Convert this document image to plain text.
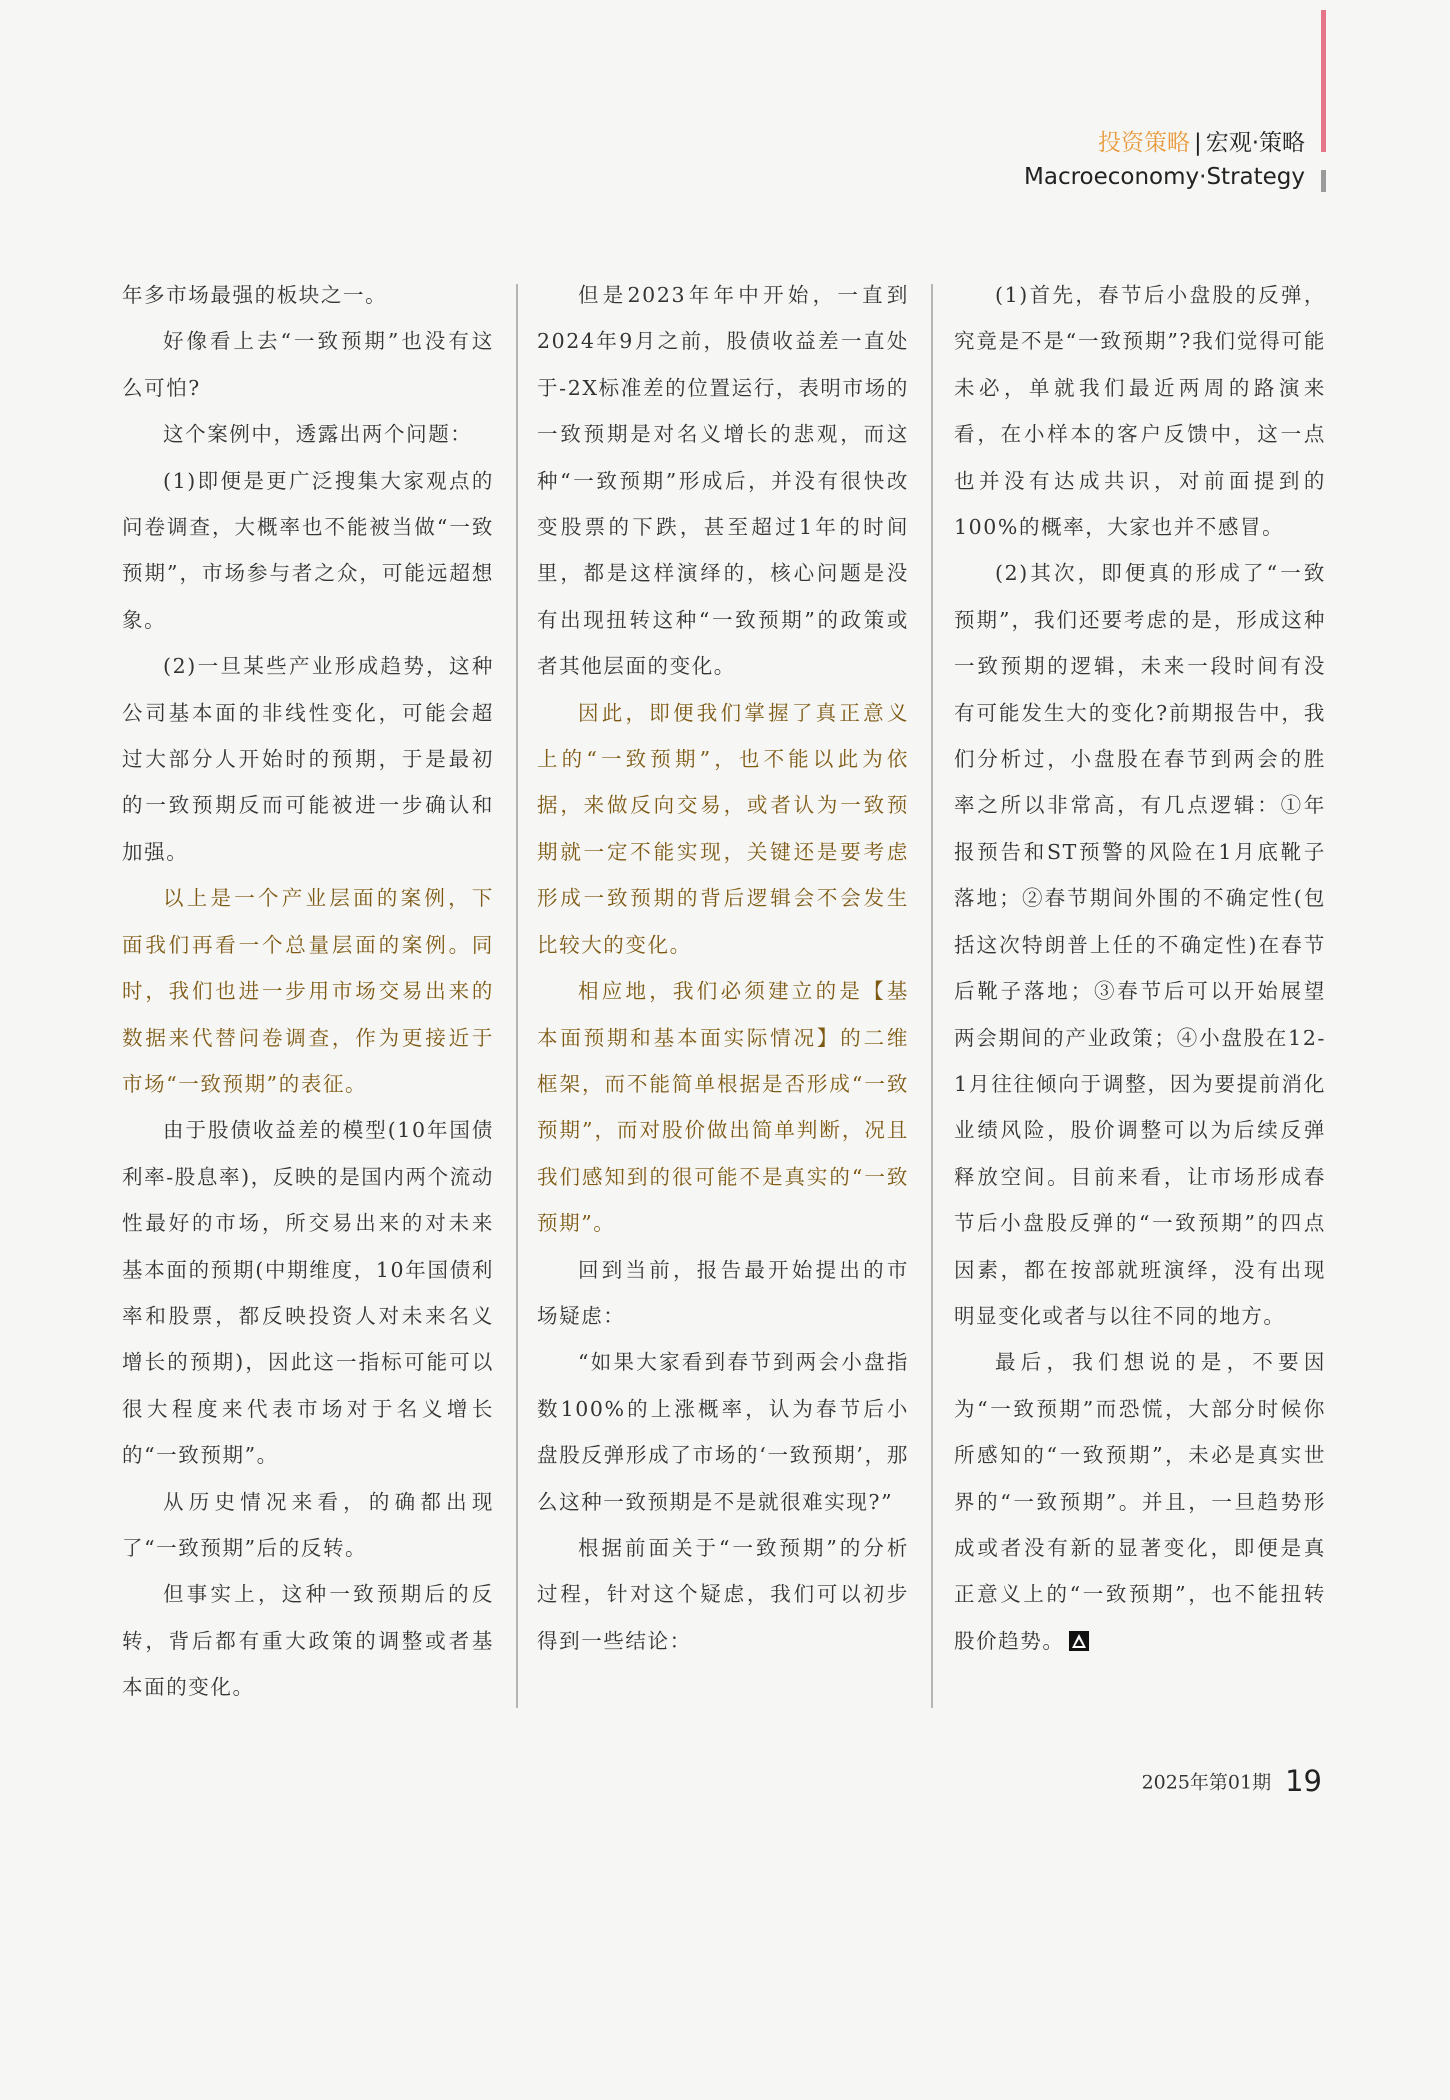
投资策略 | 宏观·策略
Macroeconomy·Strategy

年多市场最强的板块之一。

好像看上去“一致预期”也没有这么可怕?

这个案例中，透露出两个问题：

(1)即便是更广泛搜集大家观点的问卷调查，大概率也不能被当做“一致预期”，市场参与者之众，可能远超想象。

(2)一旦某些产业形成趋势，这种公司基本面的非线性变化，可能会超过大部分人开始时的预期，于是最初的一致预期反而可能被进一步确认和加强。

以上是一个产业层面的案例，下面我们再看一个总量层面的案例。同时，我们也进一步用市场交易出来的数据来代替问卷调查，作为更接近于市场“一致预期”的表征。

由于股债收益差的模型(10年国债利率-股息率)，反映的是国内两个流动性最好的市场，所交易出来的对未来基本面的预期(中期维度，10年国债利率和股票，都反映投资人对未来名义增长的预期)，因此这一指标可能可以很大程度来代表市场对于名义增长的“一致预期”。

从历史情况来看，的确都出现了“一致预期”后的反转。

但事实上，这种一致预期后的反转，背后都有重大政策的调整或者基本面的变化。

但是2023年年中开始，一直到2024年9月之前，股债收益差一直处于-2X标准差的位置运行，表明市场的一致预期是对名义增长的悲观，而这种“一致预期”形成后，并没有很快改变股票的下跌，甚至超过1年的时间里，都是这样演绎的，核心问题是没有出现扭转这种“一致预期”的政策或者其他层面的变化。

因此，即便我们掌握了真正意义上的“一致预期”，也不能以此为依据，来做反向交易，或者认为一致预期就一定不能实现，关键还是要考虑形成一致预期的背后逻辑会不会发生比较大的变化。

相应地，我们必须建立的是【基本面预期和基本面实际情况】的二维框架，而不能简单根据是否形成“一致预期”，而对股价做出简单判断，况且我们感知到的很可能不是真实的“一致预期”。

回到当前，报告最开始提出的市场疑虑：

“如果大家看到春节到两会小盘指数100%的上涨概率，认为春节后小盘股反弹形成了市场的‘一致预期’，那么这种一致预期是不是就很难实现?”

根据前面关于“一致预期”的分析过程，针对这个疑虑，我们可以初步得到一些结论：

(1)首先，春节后小盘股的反弹，究竟是不是“一致预期”?我们觉得可能未必，单就我们最近两周的路演来看，在小样本的客户反馈中，这一点也并没有达成共识，对前面提到的100%的概率，大家也并不感冒。

(2)其次，即便真的形成了“一致预期”，我们还要考虑的是，形成这种一致预期的逻辑，未来一段时间有没有可能发生大的变化?前期报告中，我们分析过，小盘股在春节到两会的胜率之所以非常高，有几点逻辑：①年报预告和ST预警的风险在1月底靴子落地；②春节期间外围的不确定性(包括这次特朗普上任的不确定性)在春节后靴子落地；③春节后可以开始展望两会期间的产业政策；④小盘股在12-1月往往倾向于调整，因为要提前消化业绩风险，股价调整可以为后续反弹释放空间。目前来看，让市场形成春节后小盘股反弹的“一致预期”的四点因素，都在按部就班演绎，没有出现明显变化或者与以往不同的地方。

最后，我们想说的是，不要因为“一致预期”而恐慌，大部分时候你所感知的“一致预期”，未必是真实世界的“一致预期”。并且，一旦趋势形成或者没有新的显著变化，即便是真正意义上的“一致预期”，也不能扭转股价趋势。

2025年第01期 19
